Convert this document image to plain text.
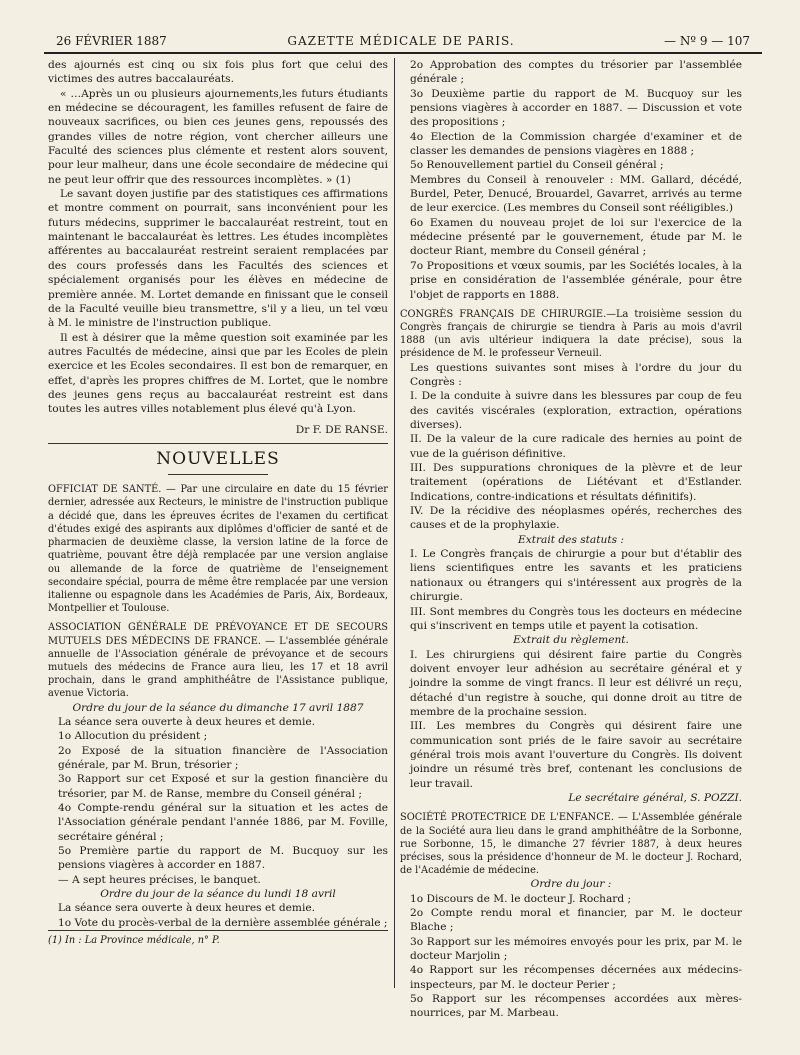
26 FÉVRIER 1887	GAZETTE MÉDICALE DE PARIS.	— Nº 9 — 107

des ajournés est cinq ou six fois plus fort que celui des victimes des autres baccalauréats.

« …Après un ou plusieurs ajournements,les futurs étudiants en médecine se découragent, les familles refusent de faire de nouveaux sacrifices, ou bien ces jeunes gens, repoussés des grandes villes de notre région, vont chercher ailleurs une Faculté des sciences plus clémente et restent alors souvent, pour leur malheur, dans une école secondaire de médecine qui ne peut leur offrir que des ressources incomplètes. » (1)

Le savant doyen justifie par des statistiques ces affirmations et montre comment on pourrait, sans inconvénient pour les futurs médecins, supprimer le baccalauréat restreint, tout en maintenant le baccalauréat ès lettres. Les études incomplètes afférentes au baccalauréat restreint seraient remplacées par des cours professés dans les Facultés des sciences et spécialement organisés pour les élèves en médecine de première année. M. Lortet demande en finissant que le conseil de la Faculté veuille bieu transmettre, s'il y a lieu, un tel vœu à M. le ministre de l'instruction publique.

Il est à désirer que la même question soit examinée par les autres Facultés de médecine, ainsi que par les Ecoles de plein exercice et les Ecoles secondaires. Il est bon de remarquer, en effet, d'après les propres chiffres de M. Lortet, que le nombre des jeunes gens reçus au baccalauréat restreint est dans toutes les autres villes notablement plus élevé qu'à Lyon.

Dr F. DE RANSE.
NOUVELLES

OFFICIAT DE SANTÉ. — Par une circulaire en date du 15 février dernier, adressée aux Recteurs, le ministre de l'instruction publique a décidé que, dans les épreuves écrites de l'examen du certificat d'études exigé des aspirants aux diplômes d'officier de santé et de pharmacien de deuxième classe, la version latine de la force de quatrième, pouvant être déjà remplacée par une version anglaise ou allemande de la force de quatrième de l'enseignement secondaire spécial, pourra de même être remplacée par une version italienne ou espagnole dans les Académies de Paris, Aix, Bordeaux, Montpellier et Toulouse.

ASSOCIATION GÉNÉRALE DE PRÉVOYANCE ET DE SECOURS MUTUELS DES MÉDECINS DE FRANCE. — L'assemblée générale annuelle de l'Association générale de prévoyance et de secours mutuels des médecins de France aura lieu, les 17 et 18 avril prochain, dans le grand amphithéâtre de l'Assistance publique, avenue Victoria.

Ordre du jour de la séance du dimanche 17 avril 1887

La séance sera ouverte à deux heures et demie.

1o Allocution du président ;

2o Exposé de la situation financière de l'Association générale, par M. Brun, trésorier ;

3o Rapport sur cet Exposé et sur la gestion financière du trésorier, par M. de Ranse, membre du Conseil général ;

4o Compte-rendu général sur la situation et les actes de l'Association générale pendant l'année 1886, par M. Foville, secrétaire général ;

5o Première partie du rapport de M. Bucquoy sur les pensions viagères à accorder en 1887.

— A sept heures précises, le banquet.

Ordre du jour de la séance du lundi 18 avril

La séance sera ouverte à deux heures et demie.

1o Vote du procès-verbal de la dernière assemblée générale ;

(1) In : La Province médicale, n° P.

2o Approbation des comptes du trésorier par l'assemblée générale ;

3o Deuxième partie du rapport de M. Bucquoy sur les pensions viagères à accorder en 1887. — Discussion et vote des propositions ;

4o Election de la Commission chargée d'examiner et de classer les demandes de pensions viagères en 1888 ;

5o Renouvellement partiel du Conseil général ;

Membres du Conseil à renouveler : MM. Gallard, décédé, Burdel, Peter, Denucé, Brouardel, Gavarret, arrivés au terme de leur exercice. (Les membres du Conseil sont rééligibles.)

6o Examen du nouveau projet de loi sur l'exercice de la médecine présenté par le gouvernement, étude par M. le docteur Riant, membre du Conseil général ;

7o Propositions et vœux soumis, par les Sociétés locales, à la prise en considération de l'assemblée générale, pour être l'objet de rapports en 1888.

CONGRÈS FRANÇAIS DE CHIRURGIE.—La troisième session du Congrès français de chirurgie se tiendra à Paris au mois d'avril 1888 (un avis ultérieur indiquera la date précise), sous la présidence de M. le professeur Verneuil.

Les questions suivantes sont mises à l'ordre du jour du Congrès :

I. De la conduite à suivre dans les blessures par coup de feu des cavités viscérales (exploration, extraction, opérations diverses).

II. De la valeur de la cure radicale des hernies au point de vue de la guérison définitive.

III. Des suppurations chroniques de la plèvre et de leur traitement (opérations de Liétévant et d'Estlander. Indications, contre-indications et résultats définitifs).

IV. De la récidive des néoplasmes opérés, recherches des causes et de la prophylaxie.

Extrait des statuts :

I. Le Congrès français de chirurgie a pour but d'établir des liens scientifiques entre les savants et les praticiens nationaux ou étrangers qui s'intéressent aux progrès de la chirurgie.

III. Sont membres du Congrès tous les docteurs en médecine qui s'inscrivent en temps utile et payent la cotisation.

Extrait du règlement.

I. Les chirurgiens qui désirent faire partie du Congrès doivent envoyer leur adhésion au secrétaire général et y joindre la somme de vingt francs. Il leur est délivré un reçu, détaché d'un registre à souche, qui donne droit au titre de membre de la prochaine session.

III. Les membres du Congrès qui désirent faire une communication sont priés de le faire savoir au secrétaire général trois mois avant l'ouverture du Congrès. Ils doivent joindre un résumé très bref, contenant les conclusions de leur travail.

Le secrétaire général, S. POZZI.

SOCIÉTÉ PROTECTRICE DE L'ENFANCE. — L'Assemblée générale de la Société aura lieu dans le grand amphithéâtre de la Sorbonne, rue Sorbonne, 15, le dimanche 27 février 1887, à deux heures précises, sous la présidence d'honneur de M. le docteur J. Rochard, de l'Académie de médecine.

Ordre du jour :

1o Discours de M. le docteur J. Rochard ;

2o Compte rendu moral et financier, par M. le docteur Blache ;

3o Rapport sur les mémoires envoyés pour les prix, par M. le docteur Marjolin ;

4o Rapport sur les récompenses décernées aux médecins-inspecteurs, par M. le docteur Perier ;

5o Rapport sur les récompenses accordées aux mères-nourrices, par M. Marbeau.
